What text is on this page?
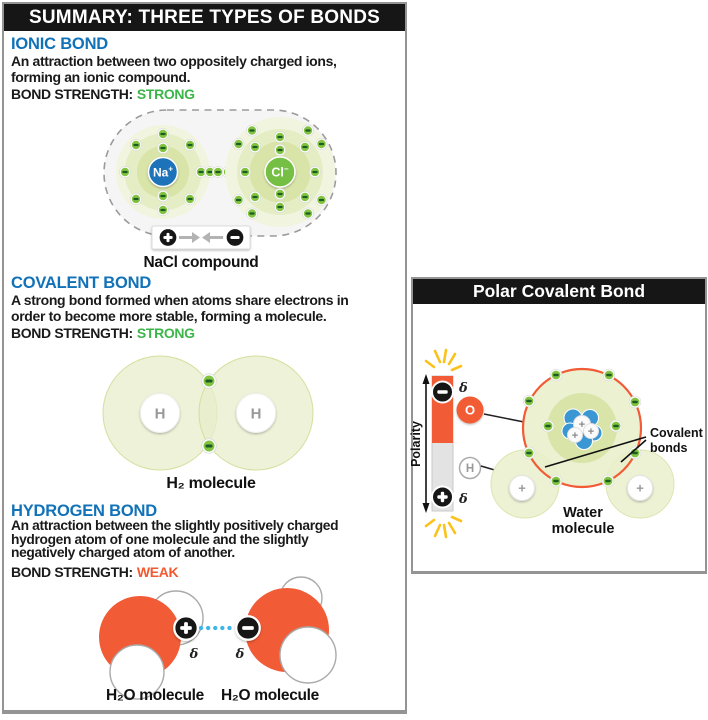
SUMMARY: THREE TYPES OF BONDS
IONIC BOND
An attraction between two oppositely charged ions,
forming an ionic compound.
BOND STRENGTH: STRONG
Na+	Cl−
NaCl compound
COVALENT BOND
A strong bond formed when atoms share electrons in
order to become more stable, forming a molecule.
BOND STRENGTH: STRONG
H	H
H₂ molecule
HYDROGEN BOND
An attraction between the slightly positively charged
hydrogen atom of one molecule and the slightly
negatively charged atom of another.
BOND STRENGTH: WEAK
δ	δ
H₂O molecule	H₂O molecule
Polar Covalent Bond
Polarity
δ
δ
O
H
+
+
+
+	+
Covalent
bonds
Water
molecule
